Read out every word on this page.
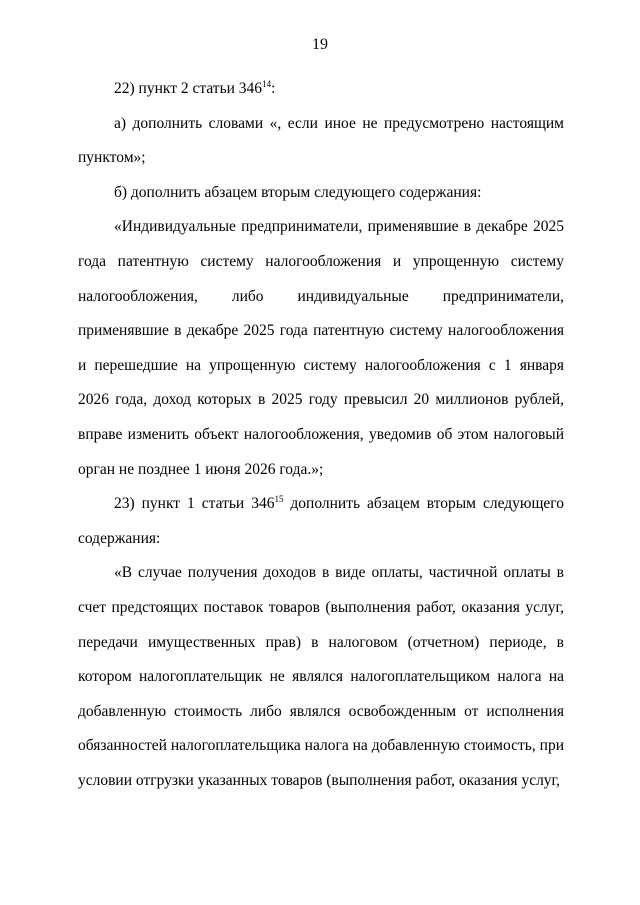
19

22) пункт 2 статьи $346^{14}$:

а) дополнить словами «, если иное не предусмотрено настоящим пунктом»;

б) дополнить абзацем вторым следующего содержания:

«Индивидуальные предприниматели, применявшие в декабре 2025 года патентную систему налогообложения и упрощенную систему налогообложения, либо индивидуальные предприниматели, применявшие в декабре 2025 года патентную систему налогообложения и перешедшие на упрощенную систему налогообложения с 1 января 2026 года, доход которых в 2025 году превысил 20 миллионов рублей, вправе изменить объект налогообложения, уведомив об этом налоговый орган не позднее 1 июня 2026 года.»;

23) пункт 1 статьи $346^{15}$ дополнить абзацем вторым следующего содержания:

«В случае получения доходов в виде оплаты, частичной оплаты в счет предстоящих поставок товаров (выполнения работ, оказания услуг, передачи имущественных прав) в налоговом (отчетном) периоде, в котором налогоплательщик не являлся налогоплательщиком налога на добавленную стоимость либо являлся освобожденным от исполнения обязанностей налогоплательщика налога на добавленную стоимость, при условии отгрузки указанных товаров (выполнения работ, оказания услуг,
